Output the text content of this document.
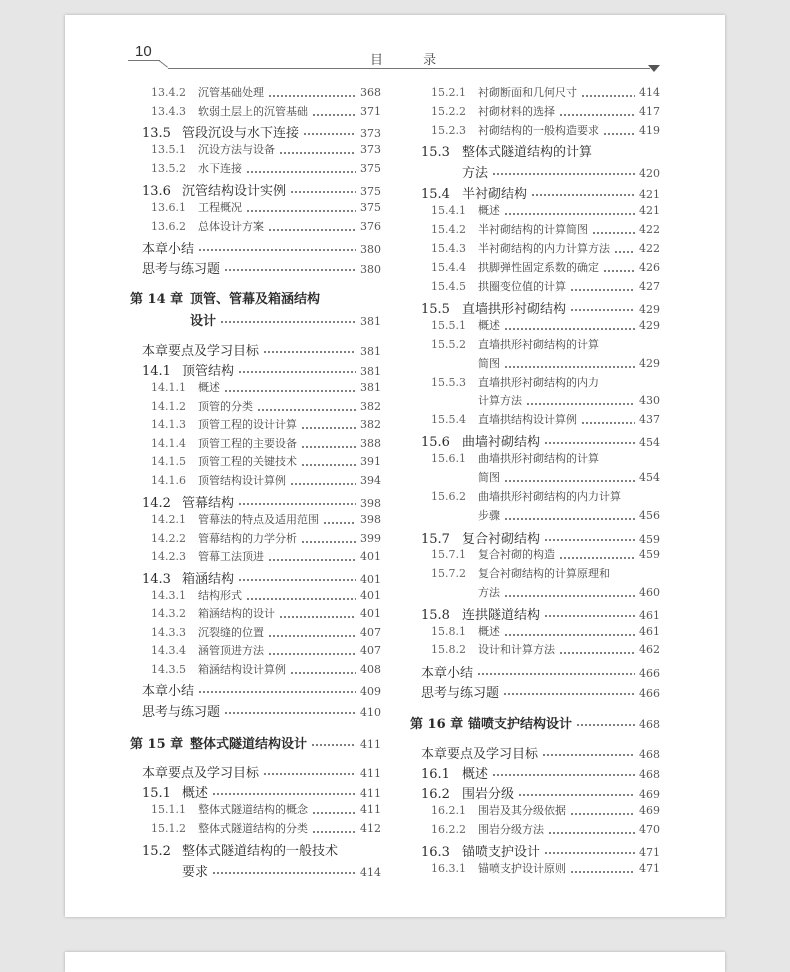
10
目 录
13.4.2	沉管基础处理	368
13.4.3	软弱土层上的沉管基础	371
13.5 管段沉设与水下连接	373
13.5.1	沉设方法与设备	373
13.5.2	水下连接	375
13.6 沉管结构设计实例	375
13.6.1	工程概况	375
13.6.2	总体设计方案	376
本章小结	380
思考与练习题	380
第 14 章 顶管、管幕及箱涵结构
设计	381
本章要点及学习目标	381
14.1 顶管结构	381
14.1.1	概述	381
14.1.2	顶管的分类	382
14.1.3	顶管工程的设计计算	382
14.1.4	顶管工程的主要设备	388
14.1.5	顶管工程的关键技术	391
14.1.6	顶管结构设计算例	394
14.2 管幕结构	398
14.2.1	管幕法的特点及适用范围	398
14.2.2	管幕结构的力学分析	399
14.2.3	管幕工法顶进	401
14.3 箱涵结构	401
14.3.1	结构形式	401
14.3.2	箱涵结构的设计	401
14.3.3	沉裂缝的位置	407
14.3.4	涵管顶进方法	407
14.3.5	箱涵结构设计算例	408
本章小结	409
思考与练习题	410
第 15 章 整体式隧道结构设计	411
本章要点及学习目标	411
15.1 概述	411
15.1.1	整体式隧道结构的概念	411
15.1.2	整体式隧道结构的分类	412
15.2 整体式隧道结构的一般技术
要求	414
15.2.1	衬砌断面和几何尺寸	414
15.2.2	衬砌材料的选择	417
15.2.3	衬砌结构的一般构造要求	419
15.3 整体式隧道结构的计算
方法	420
15.4 半衬砌结构	421
15.4.1	概述	421
15.4.2	半衬砌结构的计算简图	422
15.4.3	半衬砌结构的内力计算方法	422
15.4.4	拱脚弹性固定系数的确定	426
15.4.5	拱圈变位值的计算	427
15.5 直墙拱形衬砌结构	429
15.5.1	概述	429
15.5.2	直墙拱形衬砌结构的计算
简图	429
15.5.3	直墙拱形衬砌结构的内力
计算方法	430
15.5.4	直墙拱结构设计算例	437
15.6 曲墙衬砌结构	454
15.6.1	曲墙拱形衬砌结构的计算
简图	454
15.6.2	曲墙拱形衬砌结构的内力计算
步骤	456
15.7 复合衬砌结构	459
15.7.1	复合衬砌的构造	459
15.7.2	复合衬砌结构的计算原理和
方法	460
15.8 连拱隧道结构	461
15.8.1	概述	461
15.8.2	设计和计算方法	462
本章小结	466
思考与练习题	466
第 16 章 锚喷支护结构设计	468
本章要点及学习目标	468
16.1 概述	468
16.2 围岩分级	469
16.2.1	围岩及其分级依据	469
16.2.2	围岩分级方法	470
16.3 锚喷支护设计	471
16.3.1	锚喷支护设计原则	471
